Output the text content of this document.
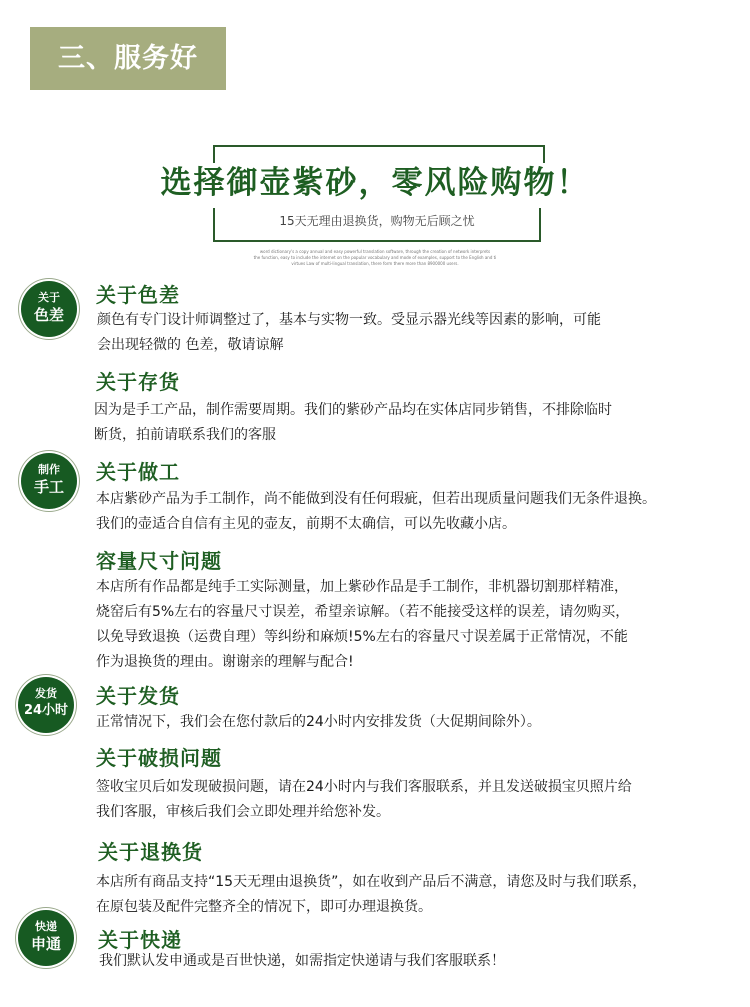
三、服务好
选择御壶紫砂，零风险购物！
15天无理由退换货，购物无后顾之忧
word dictionary's a copy annual and easy powerful translation software, through the creation of network interprets
the function, easy to include the internet on the popular vocabulary and mode of examples, support to the English and ti
virtues Law of multi-lingual translation, there form there more than 8900000 users.
关于
色差
制作
手工
发货
24小时
快递
申通
关于色差
颜色有专门设计师调整过了，基本与实物一致。受显示器光线等因素的影响，可能
会出现轻微的 色差，敬请谅解
关于存货
因为是手工产品，制作需要周期。我们的紫砂产品均在实体店同步销售，不排除临时
断货，拍前请联系我们的客服
关于做工
本店紫砂产品为手工制作，尚不能做到没有任何瑕疵，但若出现质量问题我们无条件退换。
我们的壶适合自信有主见的壶友，前期不太确信，可以先收藏小店。
容量尺寸问题
本店所有作品都是纯手工实际测量，加上紫砂作品是手工制作，非机器切割那样精准，
烧窑后有5%左右的容量尺寸误差，希望亲谅解。（若不能接受这样的误差，请勿购买，
以免导致退换（运费自理）等纠纷和麻烦!5%左右的容量尺寸误差属于正常情况，不能
作为退换货的理由。谢谢亲的理解与配合!
关于发货
正常情况下，我们会在您付款后的24小时内安排发货（大促期间除外）。
关于破损问题
签收宝贝后如发现破损问题，请在24小时内与我们客服联系，并且发送破损宝贝照片给
我们客服，审核后我们会立即处理并给您补发。
关于退换货
本店所有商品支持“15天无理由退换货”，如在收到产品后不满意，请您及时与我们联系，
在原包装及配件完整齐全的情况下，即可办理退换货。
关于快递
我们默认发申通或是百世快递，如需指定快递请与我们客服联系！
